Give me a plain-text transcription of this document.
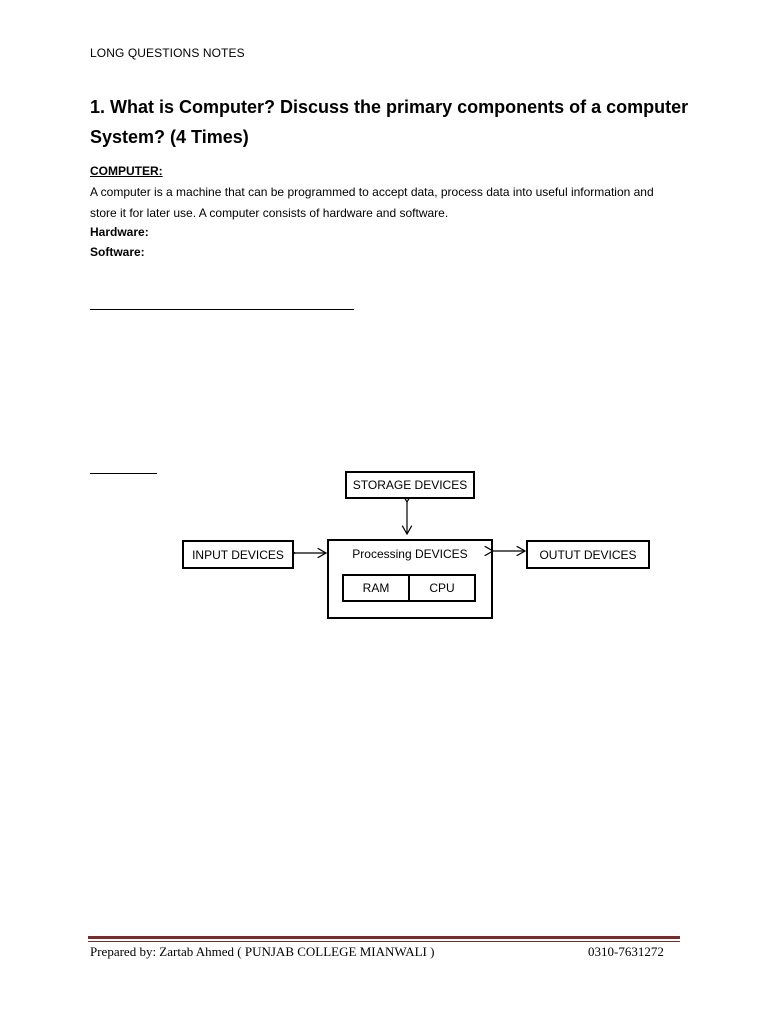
LONG QUESTIONS NOTES
1. What is Computer? Discuss the primary components of a computer System? (4 Times)
COMPUTER:
A computer is a machine that can be programmed to accept data, process data into useful information and store it for later use. A computer consists of hardware and software.
Hardware:
Software:
STORAGE DEVICES
INPUT DEVICES	Processing DEVICES
RAM	CPU
OUTUT DEVICES
Prepared by: Zartab Ahmed ( PUNJAB COLLEGE MIANWALI )	0310-7631272
